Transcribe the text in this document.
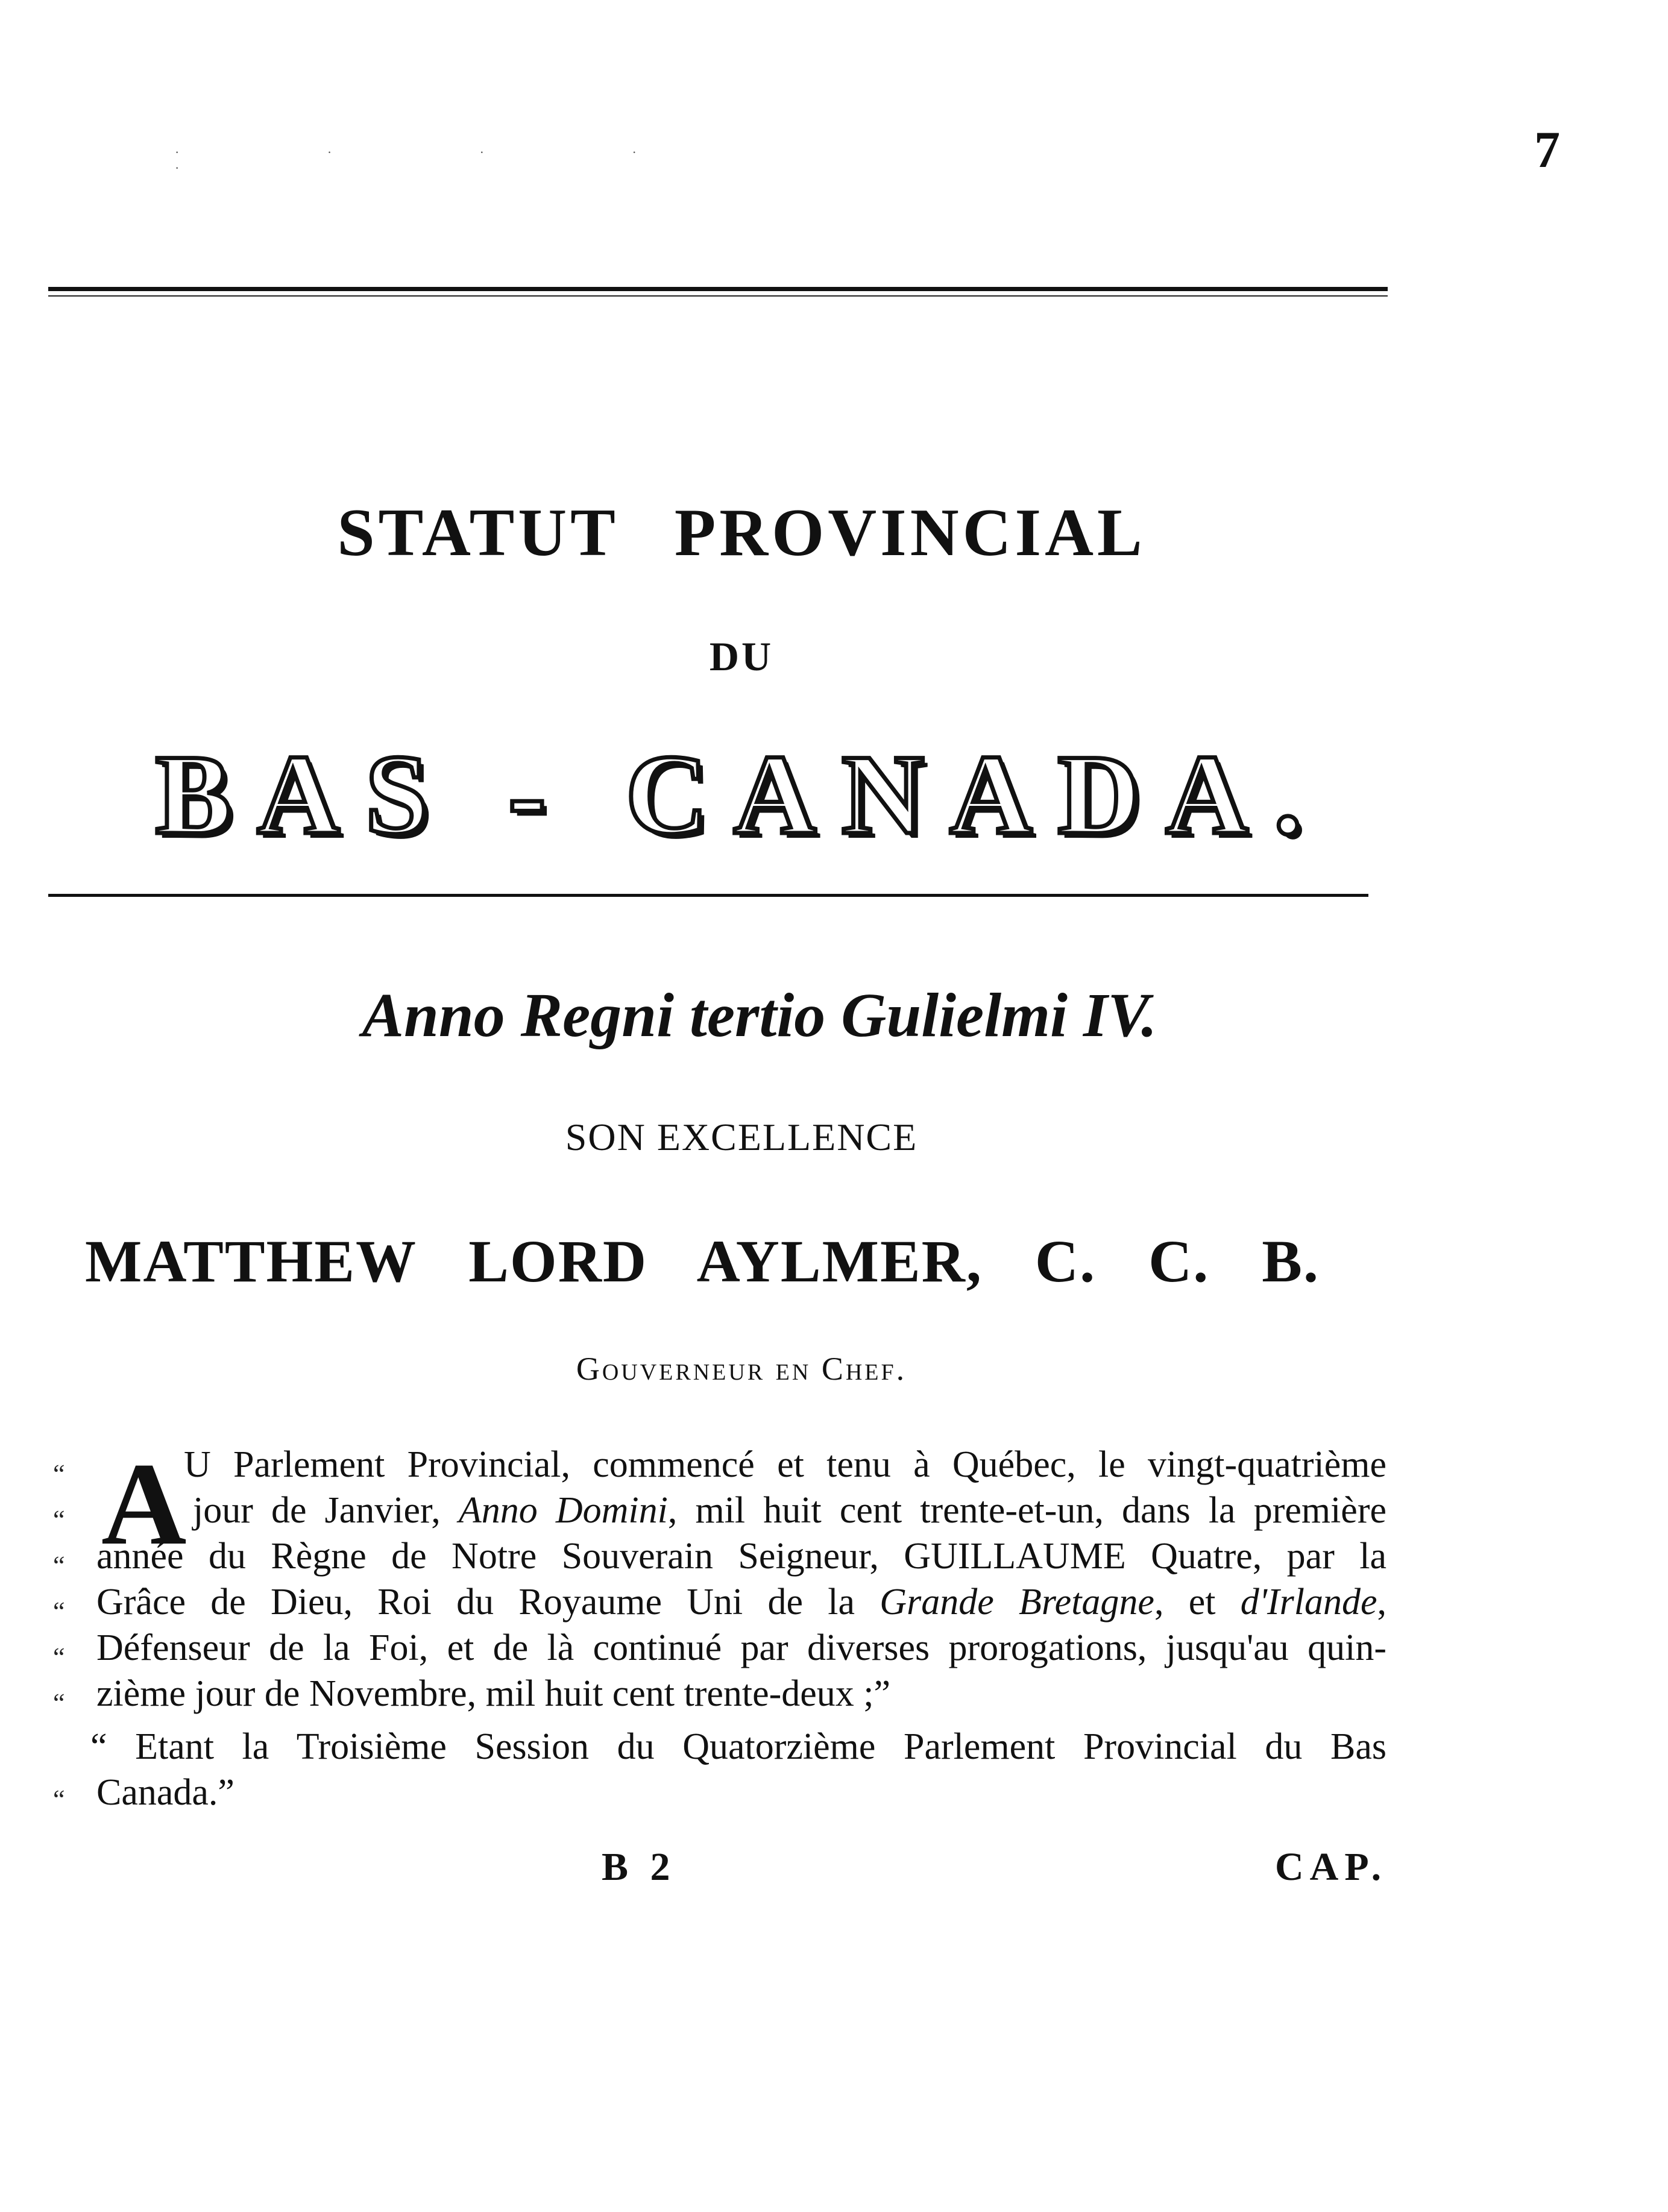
7
· · · · ·
STATUT PROVINCIAL
DU
BAS - CANADA.
Anno Regni tertio Gulielmi IV.
SON EXCELLENCE
MATTHEW LORD AYLMER, C. C. B.
Gouverneur en Chef.
“
“
“
“
“
“
A
U Parlement Provincial, commencé et tenu à Québec, le vingt-quatrième
jour de Janvier, Anno Domini, mil huit cent trente-et-un, dans la première
année du Règne de Notre Souverain Seigneur, GUILLAUME Quatre, par la
Grâce de Dieu, Roi du Royaume Uni de la Grande Bretagne, et d'Irlande,
Défenseur de la Foi, et de là continué par diverses prorogations, jusqu'au quin-
zième jour de Novembre, mil huit cent trente-deux ;”
“ Etant la Troisième Session du Quatorzième Parlement Provincial du Bas
Canada.”
“
B 2	CAP.
